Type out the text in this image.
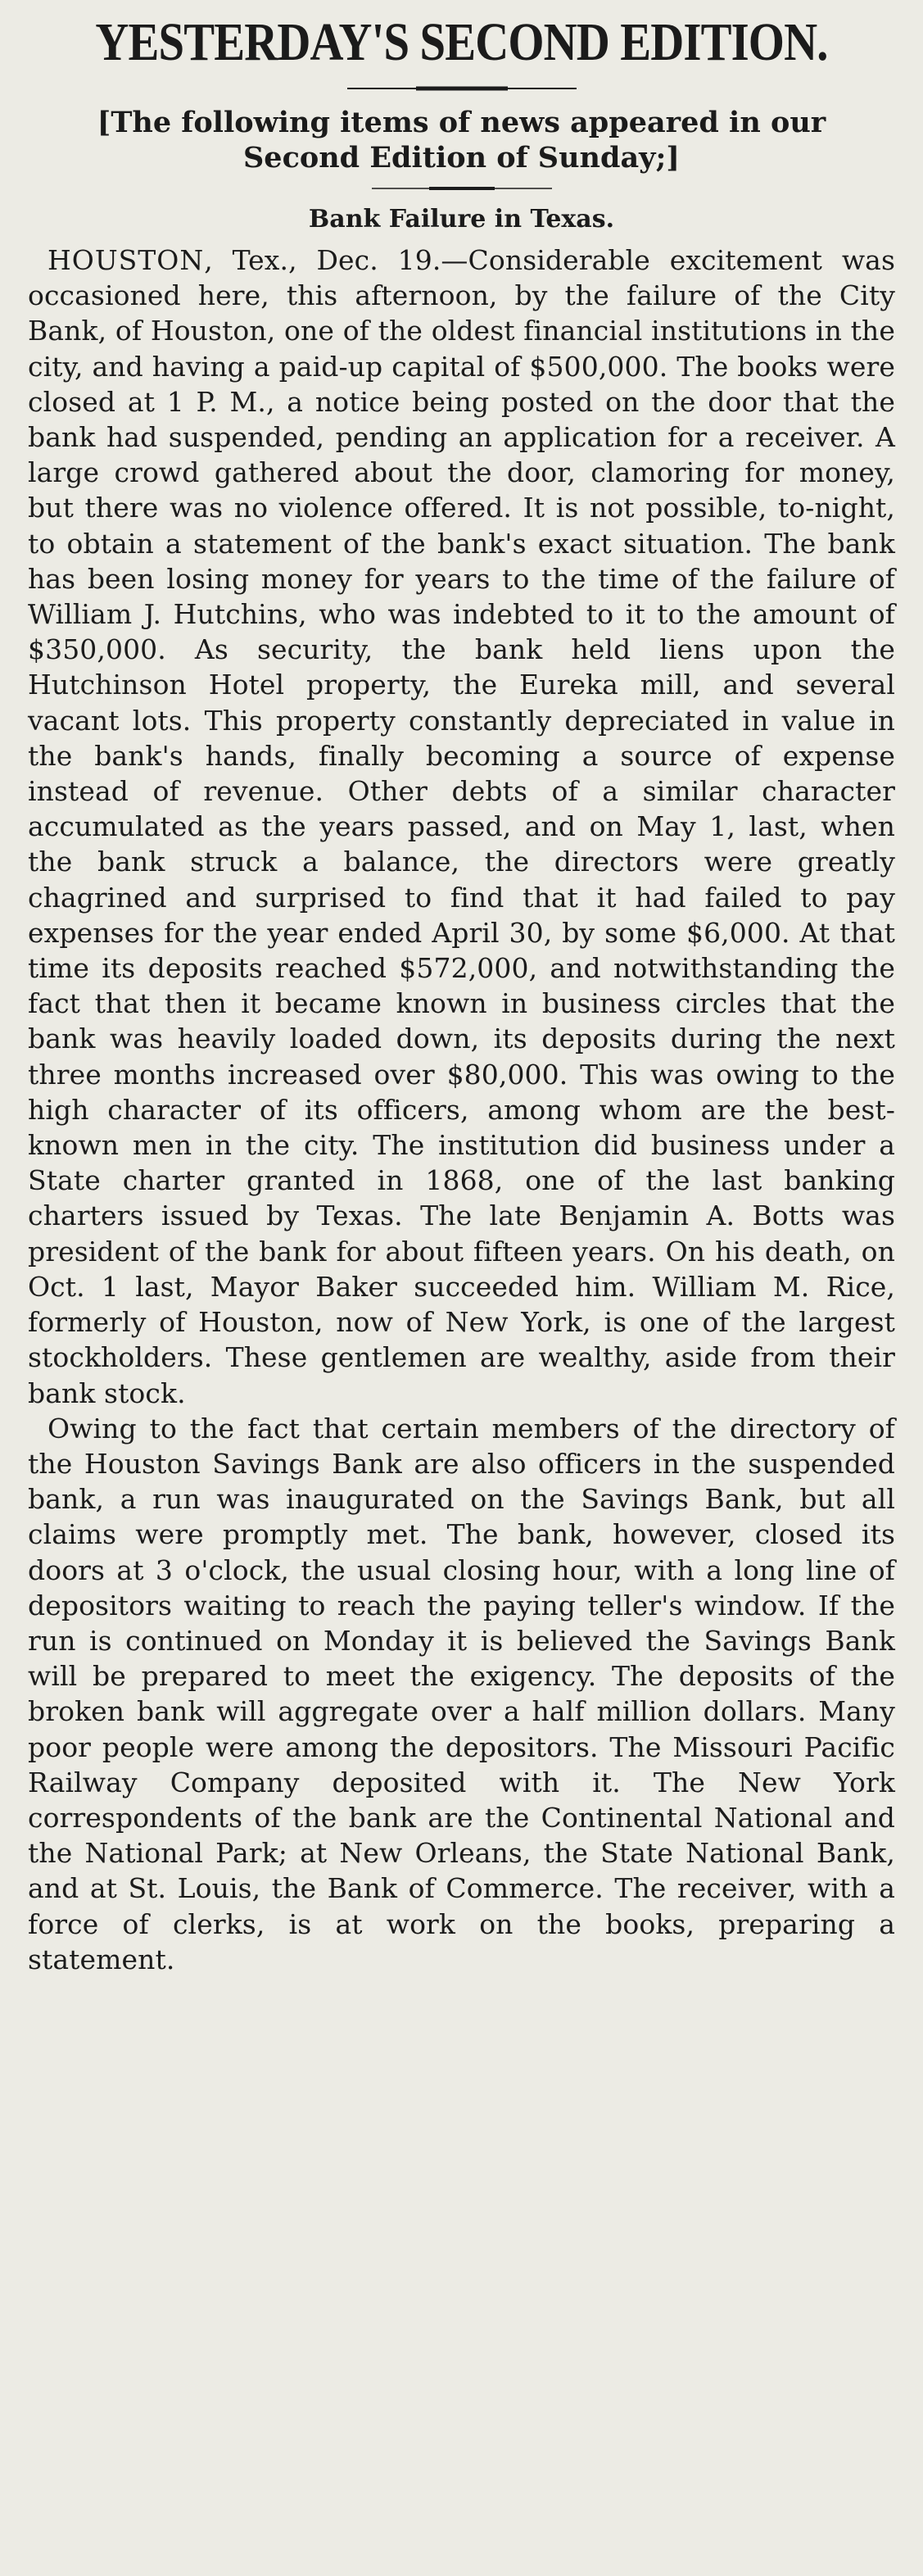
YESTERDAY'S SECOND EDITION.

[The following items of news appeared in our Second Edition of Sunday;]

Bank Failure in Texas.

HOUSTON, Tex., Dec. 19.—Considerable excitement was occasioned here, this afternoon, by the failure of the City Bank, of Houston, one of the oldest financial institutions in the city, and having a paid-up capital of $500,000. The books were closed at 1 P. M., a notice being posted on the door that the bank had suspended, pending an application for a receiver. A large crowd gathered about the door, clamoring for money, but there was no violence offered. It is not possible, to-night, to obtain a statement of the bank's exact situation. The bank has been losing money for years to the time of the failure of William J. Hutchins, who was indebted to it to the amount of $350,000. As security, the bank held liens upon the Hutchinson Hotel property, the Eureka mill, and several vacant lots. This property constantly depreciated in value in the bank's hands, finally becoming a source of expense instead of revenue. Other debts of a similar character accumulated as the years passed, and on May 1, last, when the bank struck a balance, the directors were greatly chagrined and surprised to find that it had failed to pay expenses for the year ended April 30, by some $6,000. At that time its deposits reached $572,000, and notwithstanding the fact that then it became known in business circles that the bank was heavily loaded down, its deposits during the next three months increased over $80,000. This was owing to the high character of its officers, among whom are the best-known men in the city. The institution did business under a State charter granted in 1868, one of the last banking charters issued by Texas. The late Benjamin A. Botts was president of the bank for about fifteen years. On his death, on Oct. 1 last, Mayor Baker succeeded him. William M. Rice, formerly of Houston, now of New York, is one of the largest stockholders. These gentlemen are wealthy, aside from their bank stock.

Owing to the fact that certain members of the directory of the Houston Savings Bank are also officers in the suspended bank, a run was inaugurated on the Savings Bank, but all claims were promptly met. The bank, however, closed its doors at 3 o'clock, the usual closing hour, with a long line of depositors waiting to reach the paying teller's window. If the run is continued on Monday it is believed the Savings Bank will be prepared to meet the exigency. The deposits of the broken bank will aggregate over a half million dollars. Many poor people were among the depositors. The Missouri Pacific Railway Company deposited with it. The New York correspondents of the bank are the Continental National and the National Park; at New Orleans, the State National Bank, and at St. Louis, the Bank of Commerce. The receiver, with a force of clerks, is at work on the books, preparing a statement.
